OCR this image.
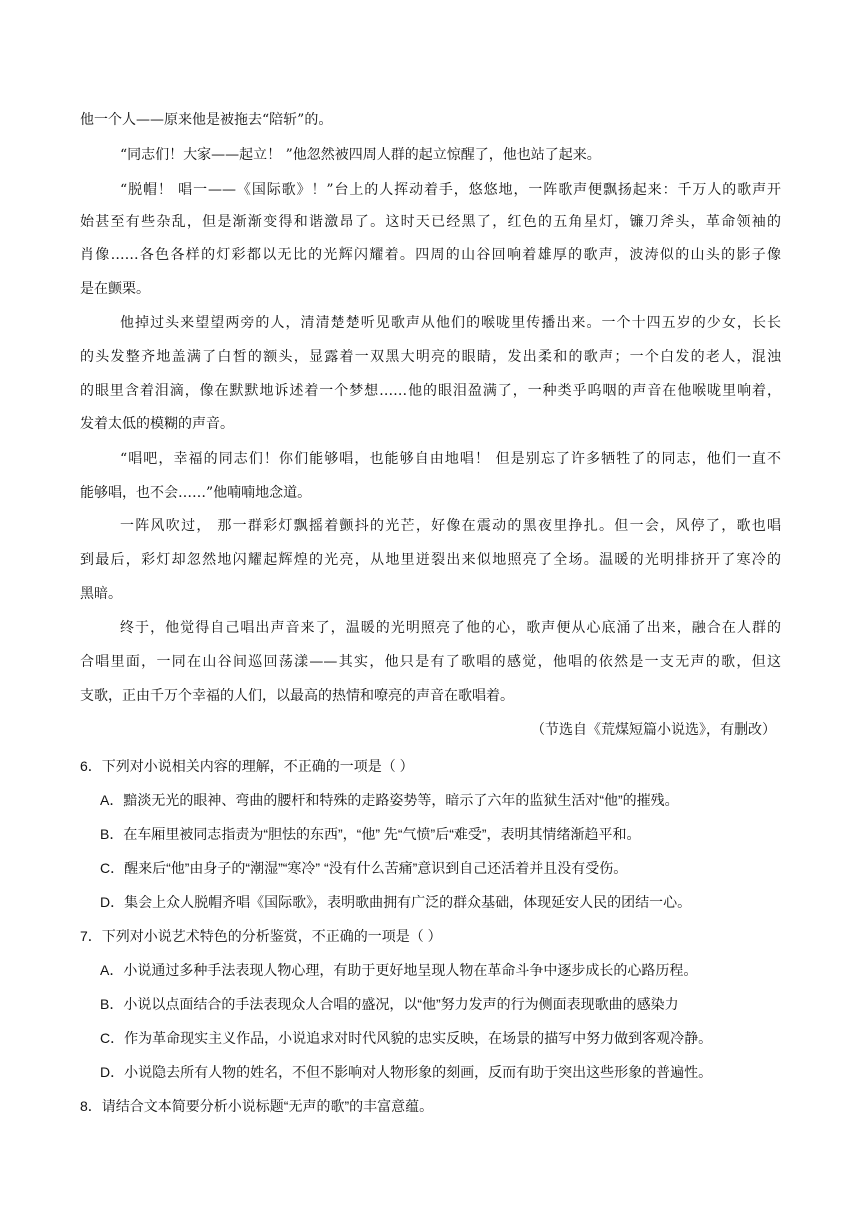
他一个人——原来他是被拖去“陪斩”的。
“同志们！大家——起立！ ”他忽然被四周人群的起立惊醒了，他也站了起来。
“脱帽！ 唱一——《国际歌》！”台上的人挥动着手，悠悠地，一阵歌声便飘扬起来：千万人的歌声开
始甚至有些杂乱，但是渐渐变得和谐激昂了。这时天已经黑了，红色的五角星灯，镰刀斧头，革命领袖的
肖像……各色各样的灯彩都以无比的光辉闪耀着。四周的山谷回响着雄厚的歌声，波涛似的山头的影子像
是在颤栗。
他掉过头来望望两旁的人，清清楚楚听见歌声从他们的喉咙里传播出来。一个十四五岁的少女，长长
的头发整齐地盖满了白皙的额头，显露着一双黑大明亮的眼睛，发出柔和的歌声；一个白发的老人，混浊
的眼里含着泪滴，像在默默地诉述着一个梦想……他的眼泪盈满了，一种类乎呜咽的声音在他喉咙里响着，
发着太低的模糊的声音。
“唱吧，幸福的同志们！你们能够唱，也能够自由地唱！ 但是别忘了许多牺牲了的同志，他们一直不
能够唱，也不会……”他喃喃地念道。
一阵风吹过， 那一群彩灯飘摇着颤抖的光芒，好像在震动的黑夜里挣扎。但一会，风停了，歌也唱
到最后，彩灯却忽然地闪耀起辉煌的光亮，从地里迸裂出来似地照亮了全场。温暖的光明排挤开了寒冷的
黑暗。
终于，他觉得自己唱出声音来了，温暖的光明照亮了他的心，歌声便从心底涌了出来，融合在人群的
合唱里面，一同在山谷间巡回荡漾——其实，他只是有了歌唱的感觉，他唱的依然是一支无声的歌，但这
支歌，正由千万个幸福的人们，以最高的热情和嘹亮的声音在歌唱着。
（节选自《荒煤短篇小说选》，有删改）
6．下列对小说相关内容的理解，不正确的一项是（ ）
A．黯淡无光的眼神、弯曲的腰杆和特殊的走路姿势等，暗示了六年的监狱生活对“他”的摧残。
B．在车厢里被同志指责为“胆怯的东西”，“他” 先“气愤”后“难受”，表明其情绪渐趋平和。
C．醒来后“他”由身子的“潮湿”“寒冷” “没有什么苦痛”意识到自己还活着并且没有受伤。
D．集会上众人脱帽齐唱《国际歌》，表明歌曲拥有广泛的群众基础，体现延安人民的团结一心。
7．下列对小说艺术特色的分析鉴赏，不正确的一项是（ ）
A．小说通过多种手法表现人物心理，有助于更好地呈现人物在革命斗争中逐步成长的心路历程。
B．小说以点面结合的手法表现众人合唱的盛况，以“他”努力发声的行为侧面表现歌曲的感染力
C．作为革命现实主义作品，小说追求对时代风貌的忠实反映，在场景的描写中努力做到客观冷静。
D．小说隐去所有人物的姓名，不但不影响对人物形象的刻画，反而有助于突出这些形象的普遍性。
8．请结合文本简要分析小说标题“无声的歌”的丰富意蕴。
